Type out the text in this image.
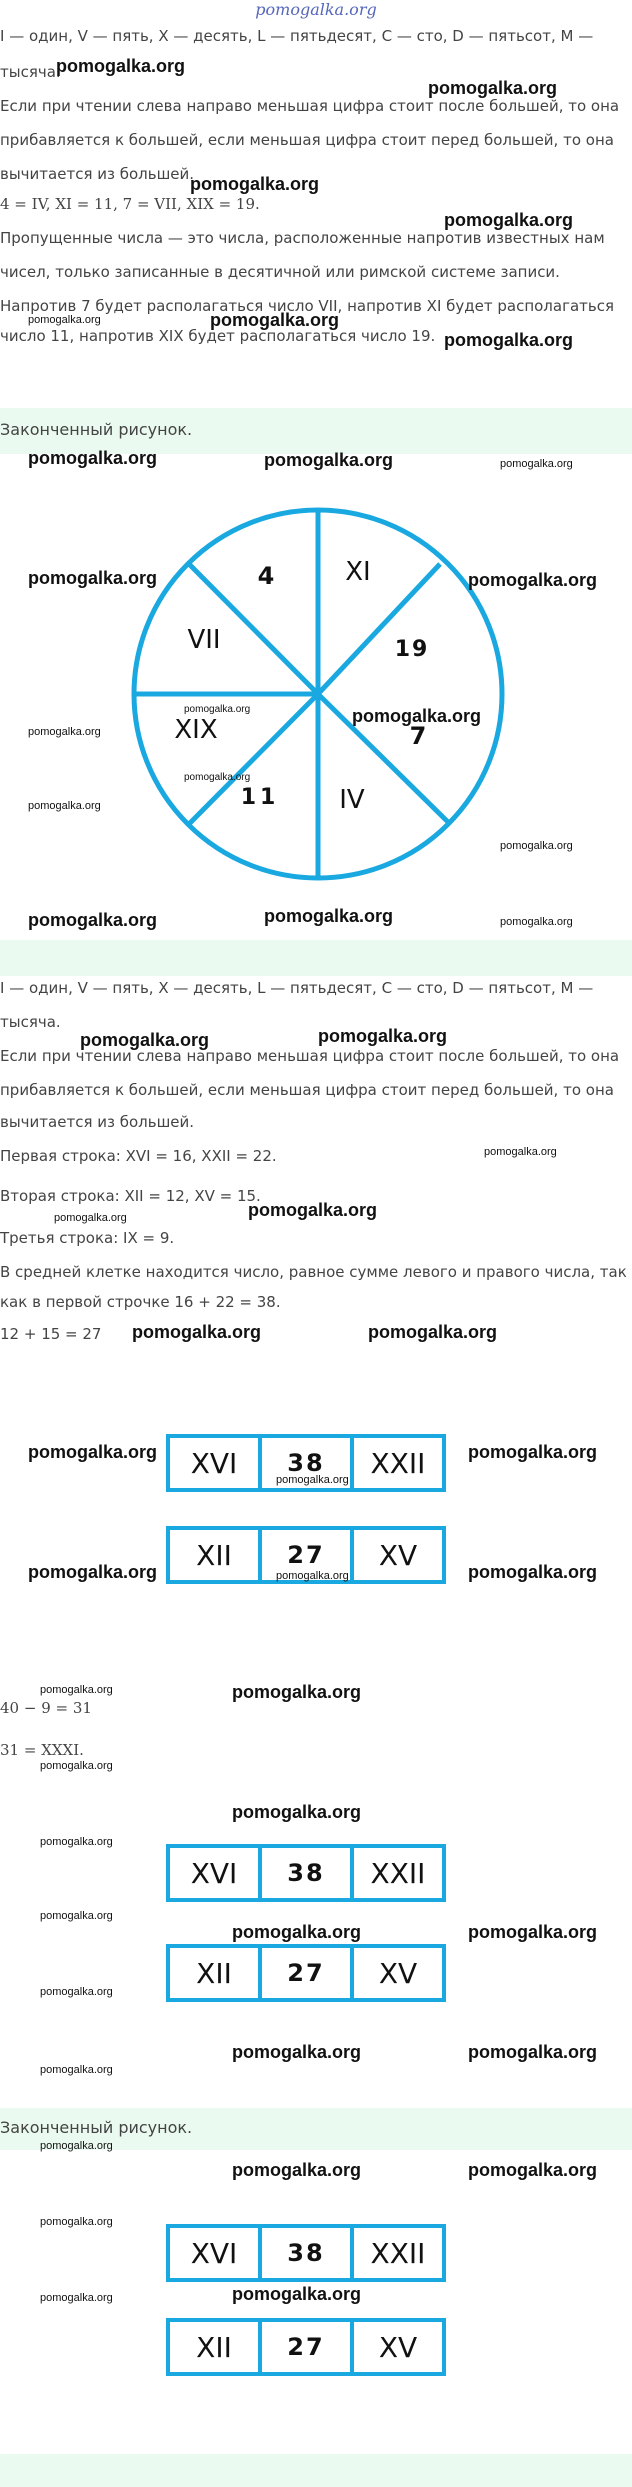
pomogalka.org
I — один, V — пять, X — десять, L — пятьдесят, C — сто, D — пятьсот, M —
тысяча.
Если при чтении слева направо меньшая цифра стоит после большей, то она
прибавляется к большей, если меньшая цифра стоит перед большей, то она
вычитается из большей.
4 = IV, XI = 11, 7 = VII, XIX = 19.
Пропущенные числа — это числа, расположенные напротив известных нам
чисел, только записанные в десятичной или римской системе записи.
Напротив 7 будет располагаться число VII, напротив XI будет располагаться
число 11, напротив XIX будет располагаться число 19.
Законченный рисунок.
4	XI
VII	19
XIX	7
11 IV
I — один, V — пять, X — десять, L — пятьдесят, C — сто, D — пятьсот, M —
тысяча.
Если при чтении слева направо меньшая цифра стоит после большей, то она
прибавляется к большей, если меньшая цифра стоит перед большей, то она
вычитается из большей.
Первая строка: XVI = 16, XXII = 22.
Вторая строка: XII = 12, XV = 15.
Третья строка: IX = 9.
В средней клетке находится число, равное сумме левого и правого числа, так
как в первой строчке 16 + 22 = 38.
12 + 15 = 27
XVI	38	XXII
XII	27	XV
40 − 9 = 31
31 = XXXI.
XVI	38	XXII
XII	27	XV
Законченный рисунок.
XVI	38	XXII
XII	27	XV
pomogalka.org
pomogalka.org
pomogalka.org
pomogalka.org
pomogalka.org	pomogalka.org
pomogalka.org
pomogalka.org	pomogalka.org	pomogalka.org
pomogalka.org	pomogalka.org
pomogalka.org	pomogalka.org
pomogalka.org
pomogalka.org
pomogalka.org
pomogalka.org
pomogalka.org	pomogalka.org	pomogalka.org
pomogalka.org	pomogalka.org
pomogalka.org
pomogalka.org
pomogalka.org
pomogalka.org	pomogalka.org
pomogalka.org	pomogalka.org
pomogalka.org
pomogalka.org	pomogalka.org
pomogalka.org
pomogalka.org	pomogalka.org
pomogalka.org
pomogalka.org
pomogalka.org
pomogalka.org
pomogalka.org	pomogalka.org
pomogalka.org
pomogalka.org	pomogalka.org
pomogalka.org
pomogalka.org
pomogalka.org	pomogalka.org
pomogalka.org
pomogalka.org
pomogalka.org
